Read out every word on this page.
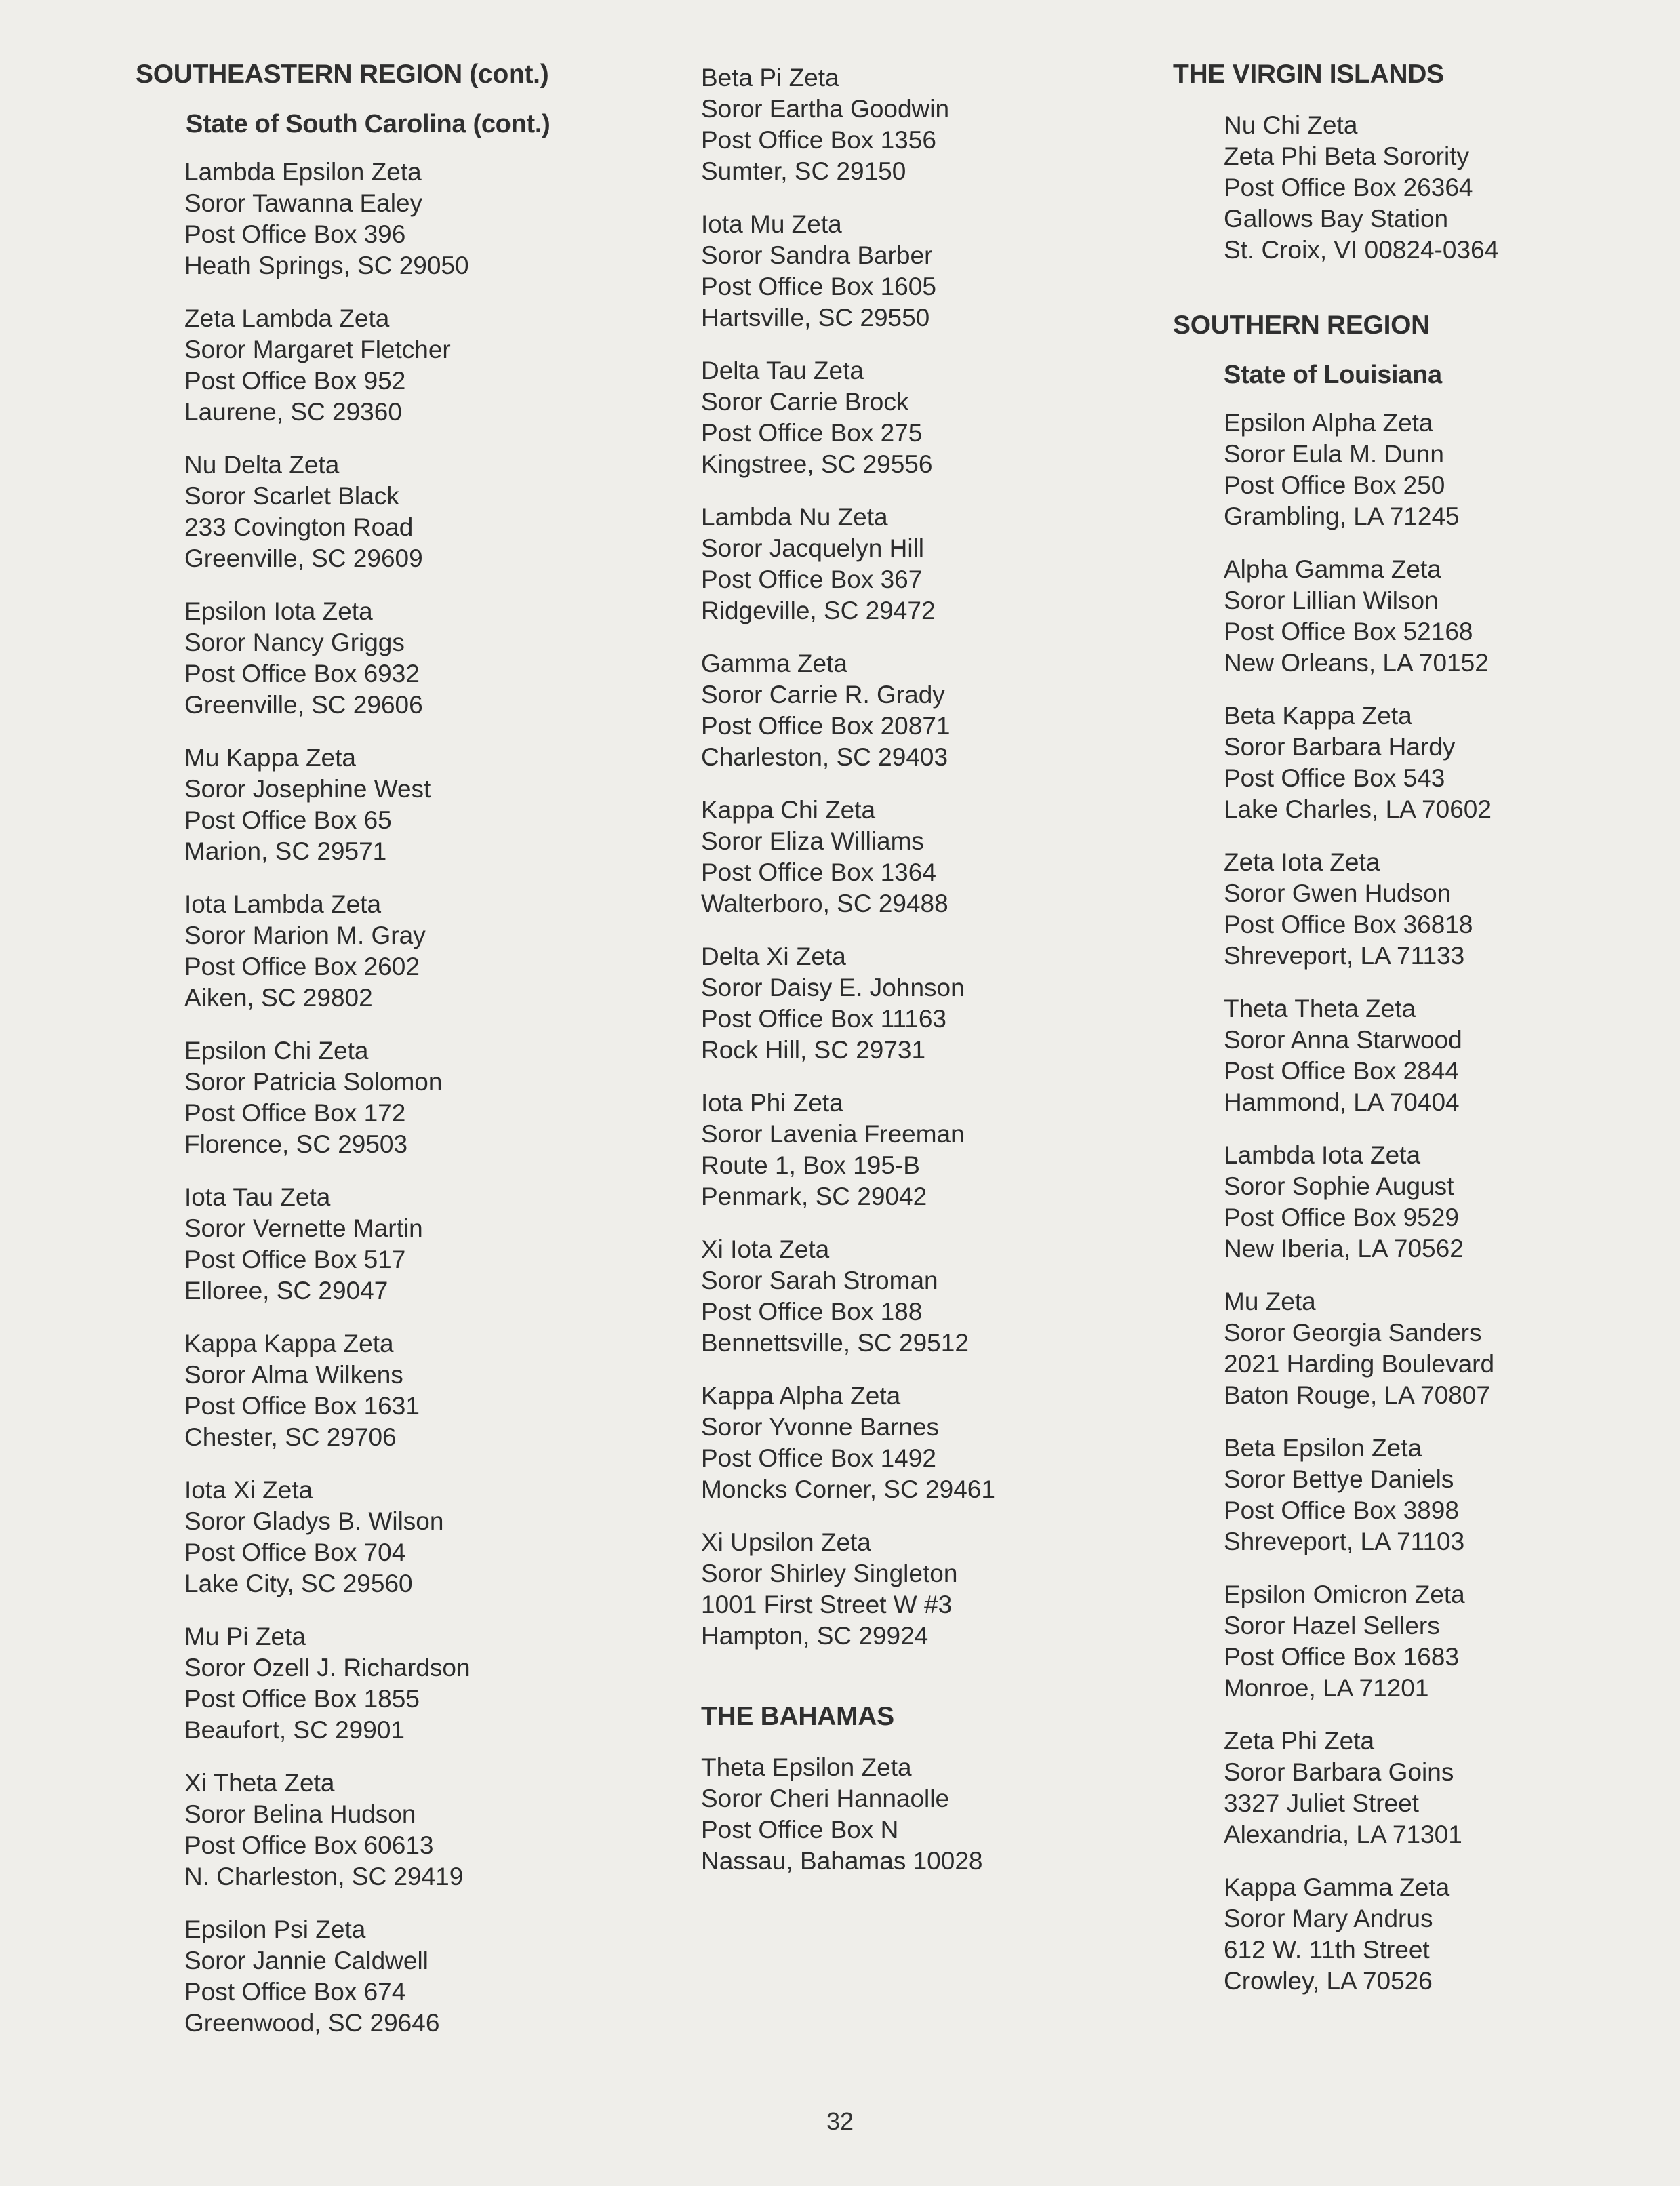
SOUTHEASTERN REGION (cont.)
State of South Carolina (cont.)
Lambda Epsilon Zeta
Soror Tawanna Ealey
Post Office Box 396
Heath Springs, SC 29050
Zeta Lambda Zeta
Soror Margaret Fletcher
Post Office Box 952
Laurene, SC 29360
Nu Delta Zeta
Soror Scarlet Black
233 Covington Road
Greenville, SC 29609
Epsilon Iota Zeta
Soror Nancy Griggs
Post Office Box 6932
Greenville, SC 29606
Mu Kappa Zeta
Soror Josephine West
Post Office Box 65
Marion, SC 29571
Iota Lambda Zeta
Soror Marion M. Gray
Post Office Box 2602
Aiken, SC 29802
Epsilon Chi Zeta
Soror Patricia Solomon
Post Office Box 172
Florence, SC 29503
Iota Tau Zeta
Soror Vernette Martin
Post Office Box 517
Elloree, SC 29047
Kappa Kappa Zeta
Soror Alma Wilkens
Post Office Box 1631
Chester, SC 29706
Iota Xi Zeta
Soror Gladys B. Wilson
Post Office Box 704
Lake City, SC 29560
Mu Pi Zeta
Soror Ozell J. Richardson
Post Office Box 1855
Beaufort, SC 29901
Xi Theta Zeta
Soror Belina Hudson
Post Office Box 60613
N. Charleston, SC 29419
Epsilon Psi Zeta
Soror Jannie Caldwell
Post Office Box 674
Greenwood, SC 29646
Beta Pi Zeta
Soror Eartha Goodwin
Post Office Box 1356
Sumter, SC 29150
Iota Mu Zeta
Soror Sandra Barber
Post Office Box 1605
Hartsville, SC 29550
Delta Tau Zeta
Soror Carrie Brock
Post Office Box 275
Kingstree, SC 29556
Lambda Nu Zeta
Soror Jacquelyn Hill
Post Office Box 367
Ridgeville, SC 29472
Gamma Zeta
Soror Carrie R. Grady
Post Office Box 20871
Charleston, SC 29403
Kappa Chi Zeta
Soror Eliza Williams
Post Office Box 1364
Walterboro, SC 29488
Delta Xi Zeta
Soror Daisy E. Johnson
Post Office Box 11163
Rock Hill, SC 29731
Iota Phi Zeta
Soror Lavenia Freeman
Route 1, Box 195-B
Penmark, SC 29042
Xi Iota Zeta
Soror Sarah Stroman
Post Office Box 188
Bennettsville, SC 29512
Kappa Alpha Zeta
Soror Yvonne Barnes
Post Office Box 1492
Moncks Corner, SC 29461
Xi Upsilon Zeta
Soror Shirley Singleton
1001 First Street W #3
Hampton, SC 29924
THE BAHAMAS
Theta Epsilon Zeta
Soror Cheri Hannaolle
Post Office Box N
Nassau, Bahamas 10028
THE VIRGIN ISLANDS
Nu Chi Zeta
Zeta Phi Beta Sorority
Post Office Box 26364
Gallows Bay Station
St. Croix, VI 00824-0364
SOUTHERN REGION
State of Louisiana
Epsilon Alpha Zeta
Soror Eula M. Dunn
Post Office Box 250
Grambling, LA 71245
Alpha Gamma Zeta
Soror Lillian Wilson
Post Office Box 52168
New Orleans, LA 70152
Beta Kappa Zeta
Soror Barbara Hardy
Post Office Box 543
Lake Charles, LA 70602
Zeta Iota Zeta
Soror Gwen Hudson
Post Office Box 36818
Shreveport, LA 71133
Theta Theta Zeta
Soror Anna Starwood
Post Office Box 2844
Hammond, LA 70404
Lambda Iota Zeta
Soror Sophie August
Post Office Box 9529
New Iberia, LA 70562
Mu Zeta
Soror Georgia Sanders
2021 Harding Boulevard
Baton Rouge, LA 70807
Beta Epsilon Zeta
Soror Bettye Daniels
Post Office Box 3898
Shreveport, LA 71103
Epsilon Omicron Zeta
Soror Hazel Sellers
Post Office Box 1683
Monroe, LA 71201
Zeta Phi Zeta
Soror Barbara Goins
3327 Juliet Street
Alexandria, LA 71301
Kappa Gamma Zeta
Soror Mary Andrus
612 W. 11th Street
Crowley, LA 70526
32
